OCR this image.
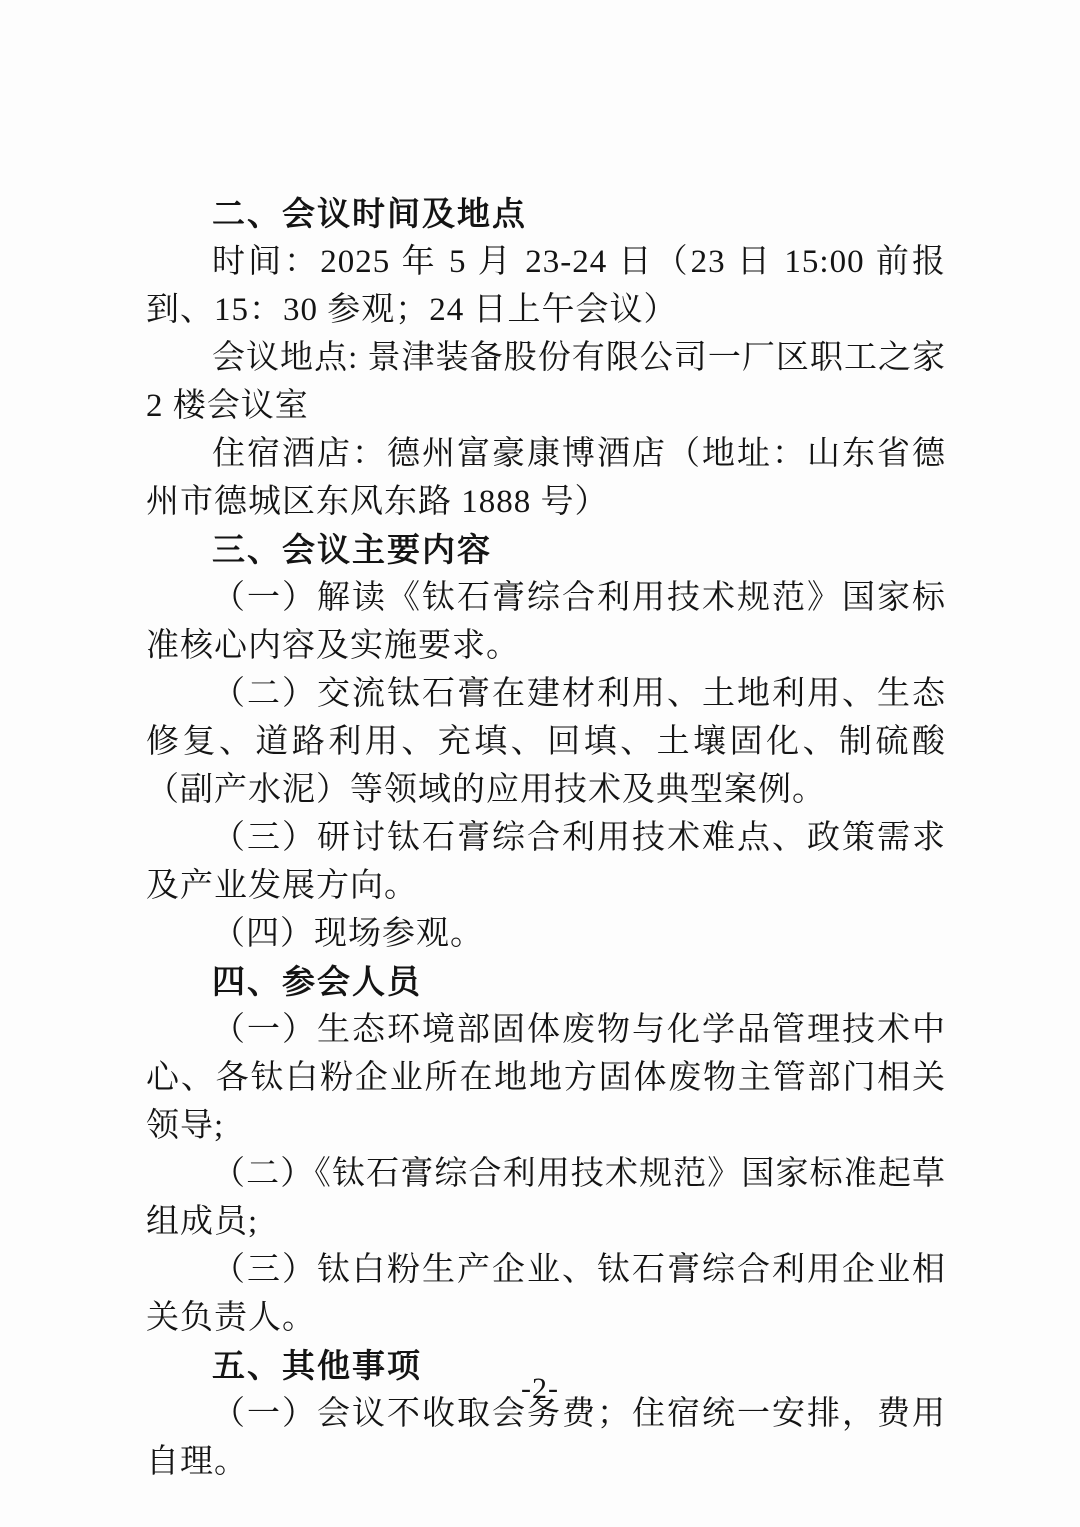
二、会议时间及地点

时间：2025 年 5 月 23-24 日（23 日 15:00 前报到、15：30 参观；24 日上午会议）

会议地点: 景津装备股份有限公司一厂区职工之家 2 楼会议室

住宿酒店：德州富豪康博酒店（地址：山东省德州市德城区东风东路 1888 号）

三、会议主要内容

（一）解读《钛石膏综合利用技术规范》国家标准核心内容及实施要求。

（二）交流钛石膏在建材利用、土地利用、生态修复、道路利用、充填、回填、土壤固化、制硫酸（副产水泥）等领域的应用技术及典型案例。

（三）研讨钛石膏综合利用技术难点、政策需求及产业发展方向。

（四）现场参观。

四、参会人员

（一）生态环境部固体废物与化学品管理技术中心、各钛白粉企业所在地地方固体废物主管部门相关领导;

（二）《钛石膏综合利用技术规范》国家标准起草组成员;

（三）钛白粉生产企业、钛石膏综合利用企业相关负责人。

五、其他事项

（一）会议不收取会务费；住宿统一安排，费用自理。

-2-
